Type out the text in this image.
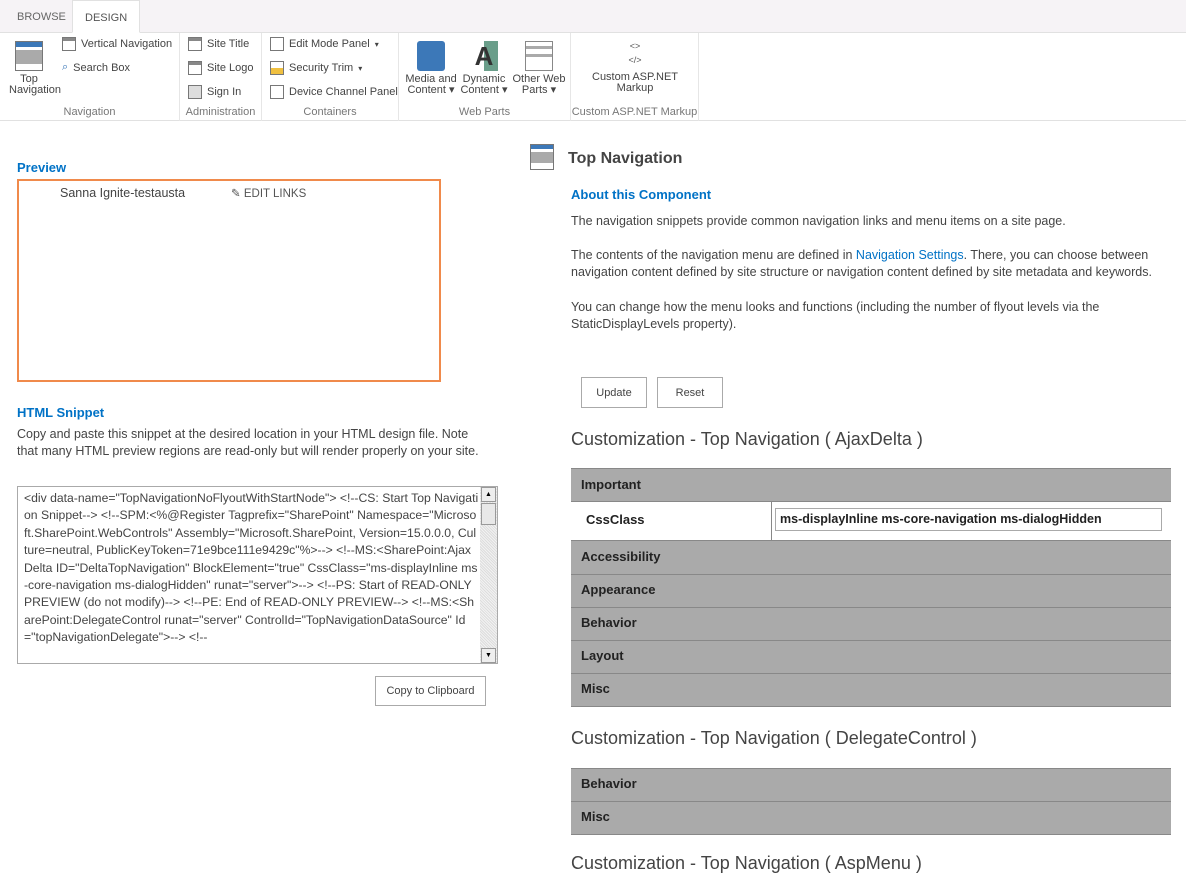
BROWSE	DESIGN
Top Navigation
Vertical Navigation
⌕ Search Box
Navigation
Site Title
Site Logo
Sign In
Administration
Edit Mode Panel ▾
Security Trim ▾
Device Channel Panel
Containers
Media and Content ▾
A
Dynamic Content ▾
Other Web Parts ▾
Web Parts
<>
</>
Custom ASP.NET Markup
Custom ASP.NET Markup
Preview
Sanna Ignite-testausta	✎ EDIT LINKS
HTML Snippet
Copy and paste this snippet at the desired location in your HTML design file. Note that many HTML preview regions are read-only but will render properly on your site.
<div data-name="TopNavigationNoFlyoutWithStartNode"> <!--CS: Start Top Navigation Snippet--> <!--SPM:<%@Register Tagprefix="SharePoint" Namespace="Microsoft.SharePoint.WebControls" Assembly="Microsoft.SharePoint, Version=15.0.0.0, Culture=neutral, PublicKeyToken=71e9bce111e9429c"%>--> <!--MS:<SharePoint:AjaxDelta ID="DeltaTopNavigation" BlockElement="true" CssClass="ms-displayInline ms-core-navigation ms-dialogHidden" runat="server">--> <!--PS: Start of READ-ONLY PREVIEW (do not modify)--> <!--PE: End of READ-ONLY PREVIEW--> <!--MS:<SharePoint:DelegateControl runat="server" ControlId="TopNavigationDataSource" Id="topNavigationDelegate">--> <!--
▲
▼
Copy to Clipboard
Top Navigation
About this Component
The navigation snippets provide common navigation links and menu items on a site page.
The contents of the navigation menu are defined in Navigation Settings. There, you can choose between navigation content defined by site structure or navigation content defined by site metadata and keywords.
You can change how the menu looks and functions (including the number of flyout levels via the StaticDisplayLevels property).
Update	Reset
Customization - Top Navigation ( AjaxDelta )
Important
CssClass	ms-displayInline ms-core-navigation ms-dialogHidden
Accessibility
Appearance
Behavior
Layout
Misc
Customization - Top Navigation ( DelegateControl )
Behavior
Misc
Customization - Top Navigation ( AspMenu )
